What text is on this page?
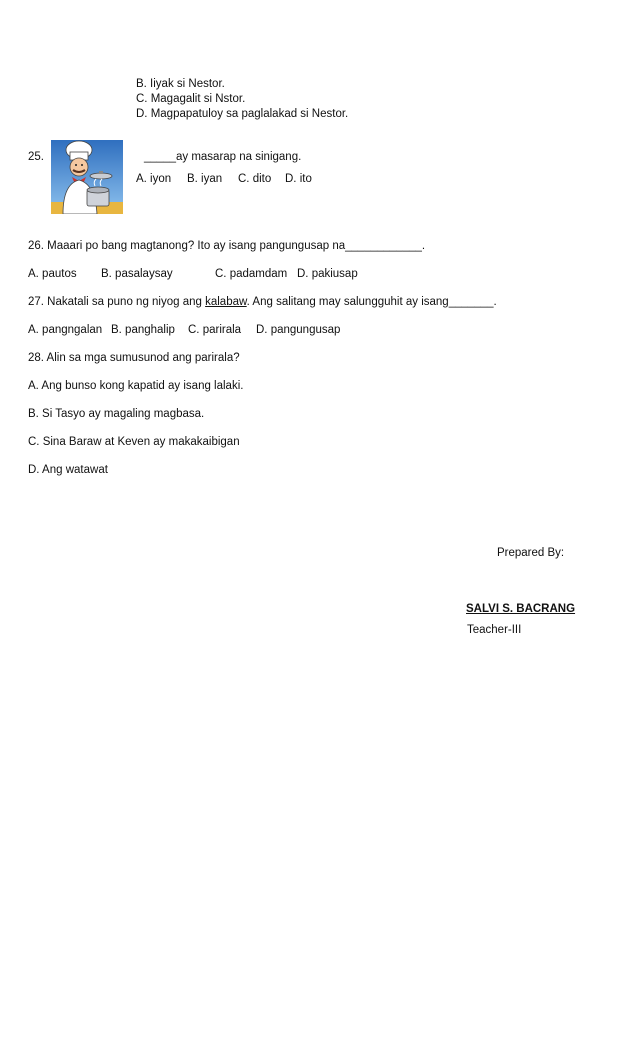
B. Iiyak si Nestor.
C. Magagalit si Nstor.
D. Magpapatuloy sa paglalakad si Nestor.
25.	_____ay masarap na sinigang.
A. iyon B. iyan C. dito D. ito
26. Maaari po bang magtanong? Ito ay isang pangungusap na____________.
A. pautos B. pasalaysay	C. padamdam D. pakiusap
27. Nakatali sa puno ng niyog ang kalabaw. Ang salitang may salungguhit ay isang_______.
A. pangngalan B. panghalip C. parirala D. pangungusap
28. Alin sa mga sumusunod ang parirala?
A. Ang bunso kong kapatid ay isang lalaki.
B. Si Tasyo ay magaling magbasa.
C. Sina Baraw at Keven ay makakaibigan
D. Ang watawat
Prepared By:
SALVI S. BACRANG
Teacher-III
